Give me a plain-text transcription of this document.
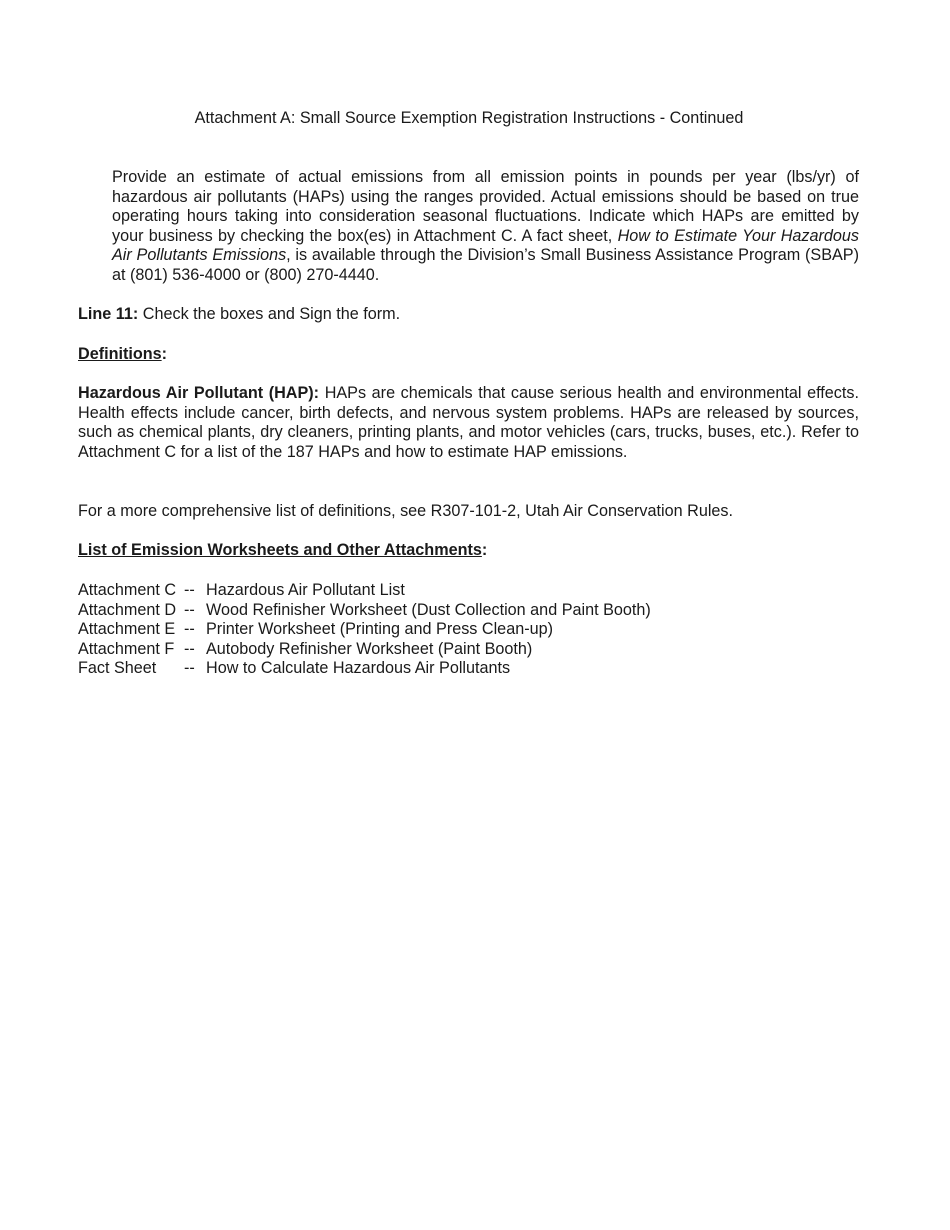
Attachment A: Small Source Exemption Registration Instructions - Continued
Provide an estimate of actual emissions from all emission points in pounds per year (lbs/yr) of hazardous air pollutants (HAPs) using the ranges provided. Actual emissions should be based on true operating hours taking into consideration seasonal fluctuations. Indicate which HAPs are emitted by your business by checking the box(es) in Attachment C. A fact sheet, How to Estimate Your Hazardous Air Pollutants Emissions, is available through the Division’s Small Business Assistance Program (SBAP) at (801) 536-4000 or (800) 270-4440.
Line 11: Check the boxes and Sign the form.
Definitions:
Hazardous Air Pollutant (HAP): HAPs are chemicals that cause serious health and environmental effects. Health effects include cancer, birth defects, and nervous system problems. HAPs are released by sources, such as chemical plants, dry cleaners, printing plants, and motor vehicles (cars, trucks, buses, etc.). Refer to Attachment C for a list of the 187 HAPs and how to estimate HAP emissions.
For a more comprehensive list of definitions, see R307-101-2, Utah Air Conservation Rules.
List of Emission Worksheets and Other Attachments:
Attachment C -- Hazardous Air Pollutant List
Attachment D -- Wood Refinisher Worksheet (Dust Collection and Paint Booth)
Attachment E -- Printer Worksheet (Printing and Press Clean-up)
Attachment F -- Autobody Refinisher Worksheet (Paint Booth)
Fact Sheet	-- How to Calculate Hazardous Air Pollutants
